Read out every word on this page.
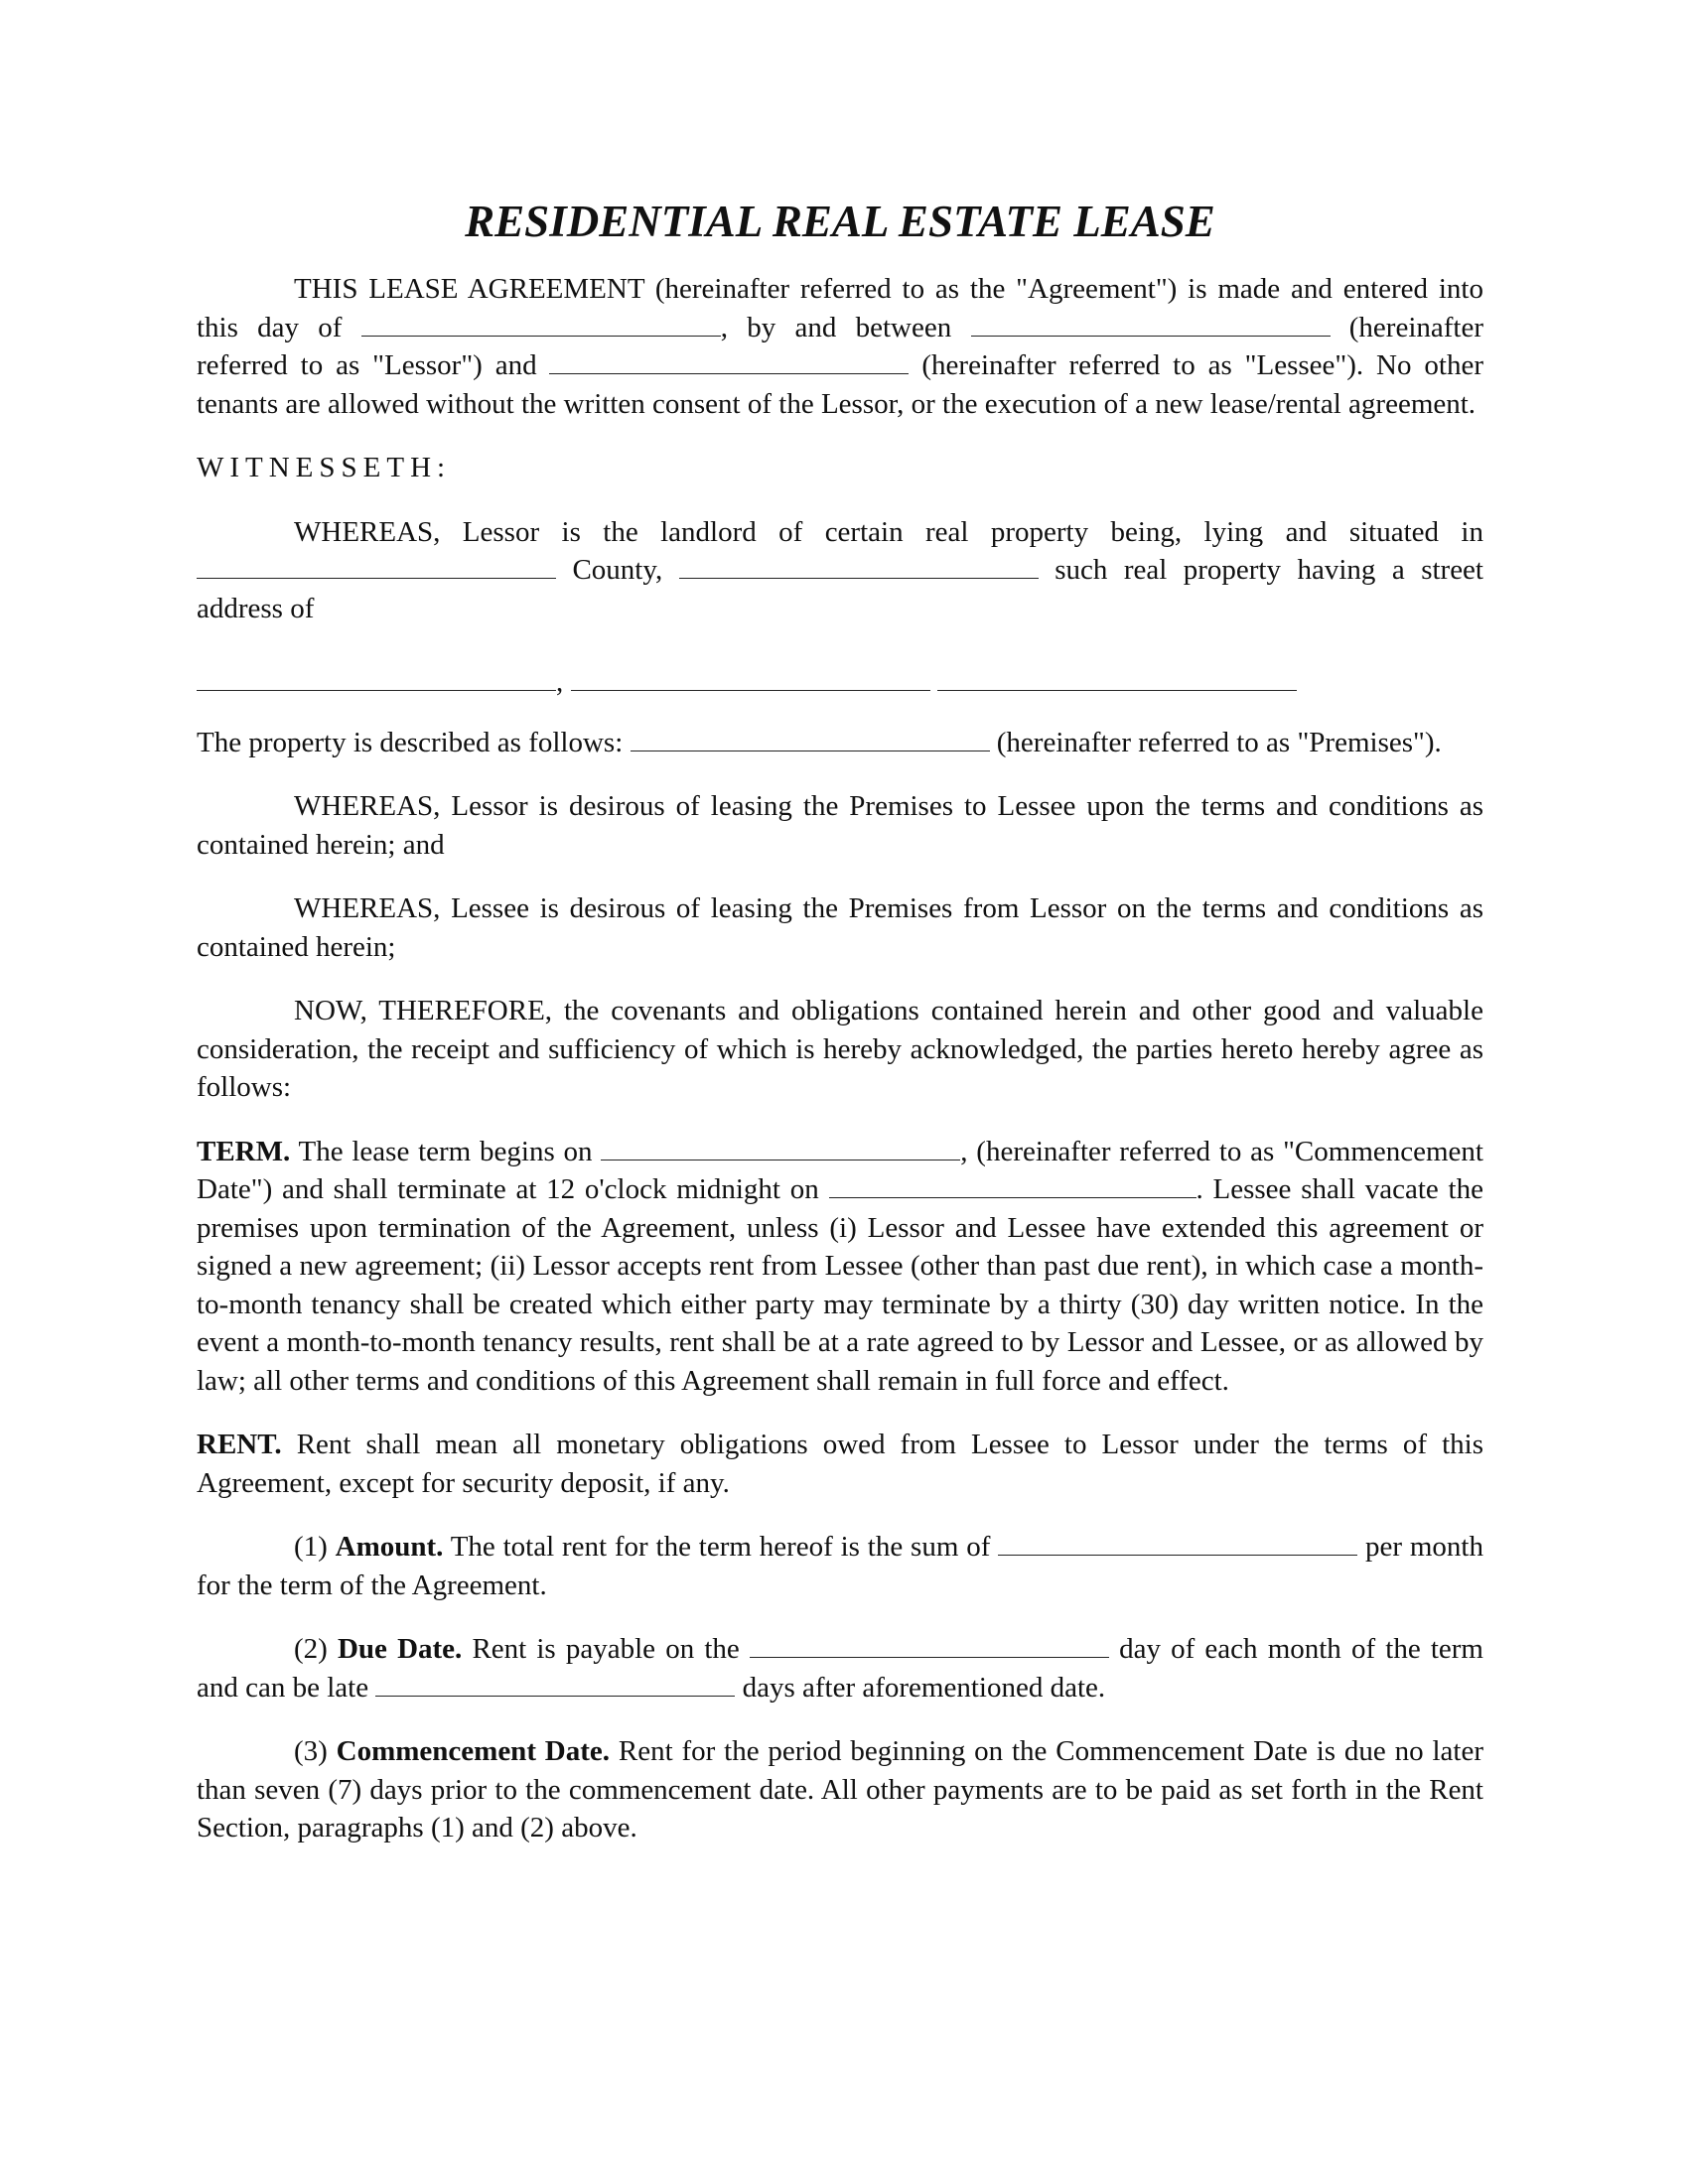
RESIDENTIAL REAL ESTATE LEASE

THIS LEASE AGREEMENT (hereinafter referred to as the "Agreement") is made and entered into this day of	, by and between	(hereinafter referred to as "Lessor") and	(hereinafter referred to as "Lessee"). No other tenants are allowed without the written consent of the Lessor, or the execution of a new lease/rental agreement.

WITNESSETH:

WHEREAS, Lessor is the landlord of certain real property being, lying and situated in  County,	such real property having a street address of

,

The property is described as follows:	(hereinafter referred to as "Premises").

WHEREAS, Lessor is desirous of leasing the Premises to Lessee upon the terms and conditions as contained herein; and

WHEREAS, Lessee is desirous of leasing the Premises from Lessor on the terms and conditions as contained herein;

NOW, THEREFORE, the covenants and obligations contained herein and other good and valuable consideration, the receipt and sufficiency of which is hereby acknowledged, the parties hereto hereby agree as follows:

TERM. The lease term begins on	, (hereinafter referred to as "Commencement Date") and shall terminate at 12 o'clock midnight on	. Lessee shall vacate the premises upon termination of the Agreement, unless (i) Lessor and Lessee have extended this agreement or signed a new agreement; (ii) Lessor accepts rent from Lessee (other than past due rent), in which case a month-to-month tenancy shall be created which either party may terminate by a thirty (30) day written notice. In the event a month-to-month tenancy results, rent shall be at a rate agreed to by Lessor and Lessee, or as allowed by law; all other terms and conditions of this Agreement shall remain in full force and effect.

RENT. Rent shall mean all monetary obligations owed from Lessee to Lessor under the terms of this Agreement, except for security deposit, if any.

(1) Amount. The total rent for the term hereof is the sum of	per month for the term of the Agreement.

(2) Due Date. Rent is payable on the	day of each month of the term and can be late	days after aforementioned date.

(3) Commencement Date. Rent for the period beginning on the Commencement Date is due no later than seven (7) days prior to the commencement date. All other payments are to be paid as set forth in the Rent Section, paragraphs (1) and (2) above.
